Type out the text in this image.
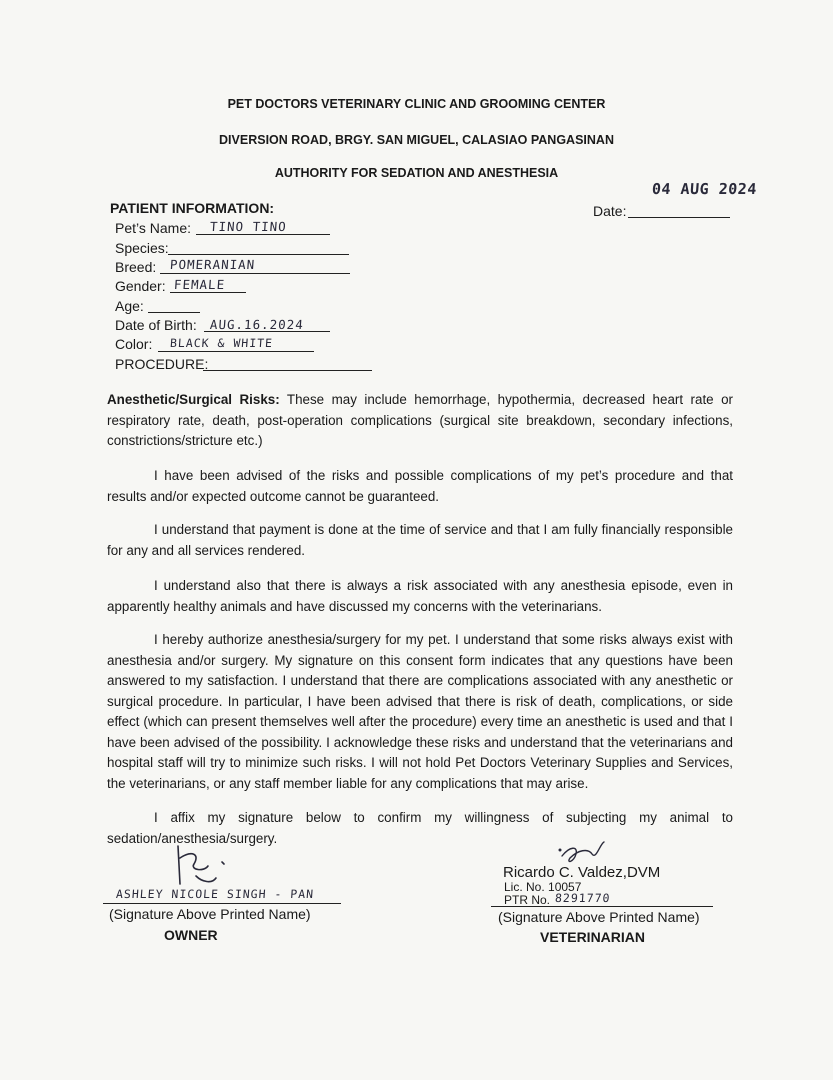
PET DOCTORS VETERINARY CLINIC AND GROOMING CENTER
DIVERSION ROAD, BRGY. SAN MIGUEL, CALASIAO PANGASINAN
AUTHORITY FOR SEDATION AND ANESTHESIA
04 AUG 2024
Date:
PATIENT INFORMATION:
Pet’s Name: TINO TINO
Species:
Breed: POMERANIAN
Gender: FEMALE
Age:
Date of Birth: AUG.16.2024
Color: BLACK & WHITE
PROCEDURE:

Anesthetic/Surgical Risks: These may include hemorrhage, hypothermia, decreased heart rate or respiratory rate, death, post-operation complications (surgical site breakdown, secondary infections, constrictions/stricture etc.)

I have been advised of the risks and possible complications of my pet’s procedure and that results and/or expected outcome cannot be guaranteed.

I understand that payment is done at the time of service and that I am fully financially responsible for any and all services rendered.

I understand also that there is always a risk associated with any anesthesia episode, even in apparently healthy animals and have discussed my concerns with the veterinarians.

I hereby authorize anesthesia/surgery for my pet. I understand that some risks always exist with anesthesia and/or surgery. My signature on this consent form indicates that any questions have been answered to my satisfaction. I understand that there are complications associated with any anesthetic or surgical procedure. In particular, I have been advised that there is risk of death, complications, or side effect (which can present themselves well after the procedure) every time an anesthetic is used and that I have been advised of the possibility. I acknowledge these risks and understand that the veterinarians and hospital staff will try to minimize such risks. I will not hold Pet Doctors Veterinary Supplies and Services, the veterinarians, or any staff member liable for any complications that may arise.

I affix my signature below to confirm my willingness of subjecting my animal to sedation/anesthesia/surgery.

ASHLEY NICOLE SINGH - PAN
(Signature Above Printed Name)
OWNER
Ricardo C. Valdez,DVM
Lic. No. 10057
PTR No. 8291770
(Signature Above Printed Name)
VETERINARIAN
